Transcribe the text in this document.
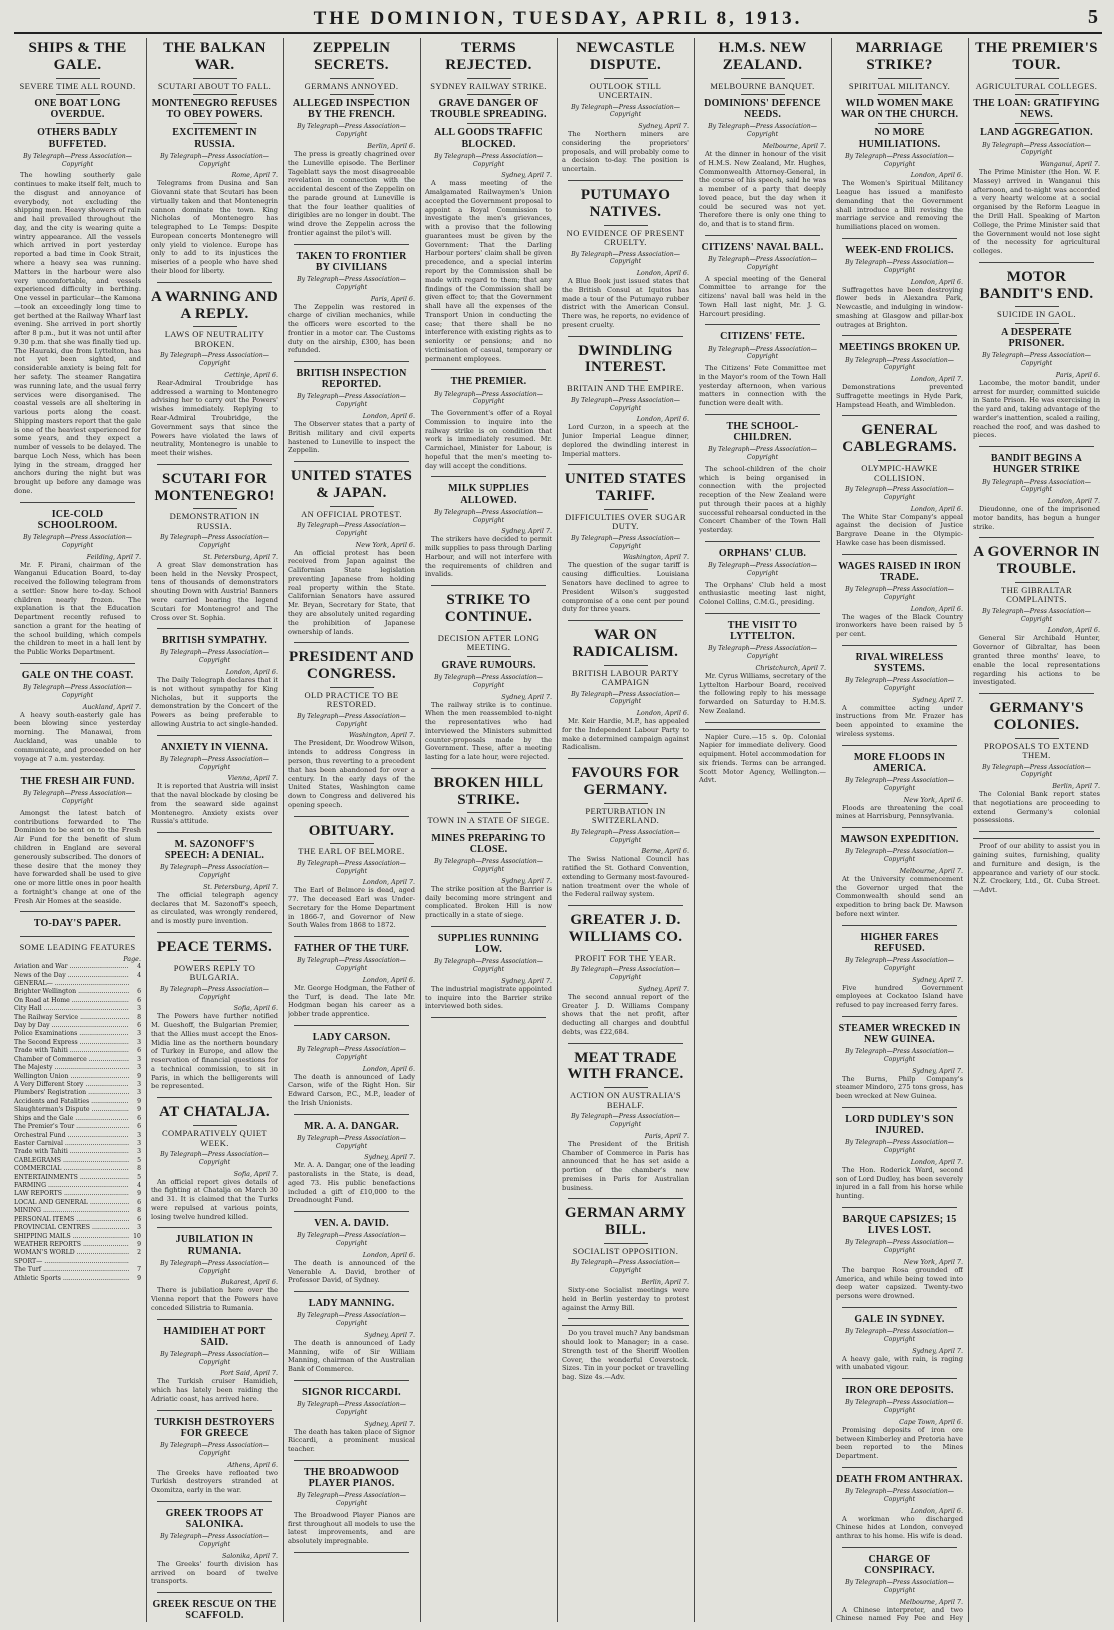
THE DOMINION, TUESDAY, APRIL 8, 1913.	5
SHIPS & THE GALE.
SEVERE TIME ALL ROUND.
ONE BOAT LONG OVERDUE.
OTHERS BADLY BUFFETED.
By Telegraph—Press Association—Copyright
The howling southerly gale continues to make itself felt, much to the disgust and annoyance of everybody, not excluding the shipping men. Heavy showers of rain and hail prevailed throughout the day, and the city is wearing quite a wintry appearance. All the vessels which arrived in port yesterday reported a bad time in Cook Strait, where a heavy sea was running. Matters in the harbour were also very uncomfortable, and vessels experienced difficulty in berthing. One vessel in particular—the Kamona—took an exceedingly long time to get berthed at the Railway Wharf last evening. She arrived in port shortly after 8 p.m., but it was not until after 9.30 p.m. that she was finally tied up. The Hauraki, due from Lyttelton, has not yet been sighted, and considerable anxiety is being felt for her safety. The steamer Rangatira was running late, and the usual ferry services were disorganised. The coastal vessels are all sheltering in various ports along the coast. Shipping masters report that the gale is one of the heaviest experienced for some years, and they expect a number of vessels to be delayed. The barque Loch Ness, which has been lying in the stream, dragged her anchors during the night but was brought up before any damage was done.
ICE-COLD SCHOOLROOM.
By Telegraph—Press Association—Copyright
Feilding, April 7.
Mr. F. Pirani, chairman of the Wanganui Education Board, to-day received the following telegram from a settler: Snow here to-day. School children nearly frozen. The explanation is that the Education Department recently refused to sanction a grant for the heating of the school building, which compels the children to meet in a hall lent by the Public Works Department.
GALE ON THE COAST.
By Telegraph—Press Association—Copyright
Auckland, April 7.
A heavy south-easterly gale has been blowing since yesterday morning. The Manawai, from Auckland, was unable to communicate, and proceeded on her voyage at 7 a.m. yesterday.
THE FRESH AIR FUND.
By Telegraph—Press Association—Copyright
Amongst the latest batch of contributions forwarded to The Dominion to be sent on to the Fresh Air Fund for the benefit of slum children in England are several generously subscribed. The donors of these desire that the money they have forwarded shall be used to give one or more little ones in poor health a fortnight's change at one of the Fresh Air Homes at the seaside.
TO-DAY'S PAPER.
SOME LEADING FEATURES
Page.
Aviation and War .....	4
News of the Day .....	4
GENERAL— .....
Brighter Wellington .....	6
On Road at Home .....	6
City Hall .....	3
The Railway Service .....	8
Day by Day .....	6
Police Examinations .....	3
The Second Express .....	3
Trade with Tahiti .....	6
Chamber of Commerce .....	3
The Majesty .....	3
Wellington Union .....	9
A Very Different Story .....	3
Plumbers' Registration .....	3
Accidents and Fatalities .....	9
Slaughterman's Dispute .....	9
Ships and the Gale .....	6
The Premier's Tour .....	6
Orchestral Fund .....	3
Easter Carnival .....	3
Trade with Tahiti .....	3
CABLEGRAMS .....	5
COMMERCIAL .....	8
ENTERTAINMENTS .....	5
FARMING .....	4
LAW REPORTS .....	9
LOCAL AND GENERAL .....	6
MINING .....	8
PERSONAL ITEMS .....	6
PROVINCIAL CENTRES .....	3
SHIPPING MAILS .....	10
WEATHER REPORTS .....	9
WOMAN'S WORLD .....	2
SPORT— .....
The Turf .....	7
Athletic Sports .....	9
THE BALKAN WAR.
SCUTARI ABOUT TO FALL.
MONTENEGRO REFUSES TO OBEY POWERS.
EXCITEMENT IN RUSSIA.
By Telegraph—Press Association—Copyright
Rome, April 7.
Telegrams from Dusina and San Giovanni state that Scutari has been virtually taken and that Montenegrin cannon dominate the town. King Nicholas of Montenegro has telegraphed to Le Temps: Despite European concerts Montenegro will only yield to violence. Europe has only to add to its injustices the miseries of a people who have shed their blood for liberty.
A WARNING AND A REPLY.
LAWS OF NEUTRALITY BROKEN.
By Telegraph—Press Association—Copyright
Cettinje, April 6.
Rear-Admiral Troubridge has addressed a warning to Montenegro advising her to carry out the Powers' wishes immediately. Replying to Rear-Admiral Troubridge, the Government says that since the Powers have violated the laws of neutrality, Montenegro is unable to meet their wishes.
SCUTARI FOR MONTENEGRO!
DEMONSTRATION IN RUSSIA.
By Telegraph—Press Association—Copyright
St. Petersburg, April 7.
A great Slav demonstration has been held in the Nevsky Prospect, tens of thousands of demonstrators shouting Down with Austria! Banners were carried bearing the legend Scutari for Montenegro! and The Cross over St. Sophia.
BRITISH SYMPATHY.
By Telegraph—Press Association—Copyright
London, April 6.
The Daily Telegraph declares that it is not without sympathy for King Nicholas, but it supports the demonstration by the Concert of the Powers as being preferable to allowing Austria to act single-handed.
ANXIETY IN VIENNA.
By Telegraph—Press Association—Copyright
Vienna, April 7.
It is reported that Austria will insist that the naval blockade by closing be from the seaward side against Montenegro. Anxiety exists over Russia's attitude.
M. SAZONOFF'S SPEECH: A DENIAL.
By Telegraph—Press Association—Copyright
St. Petersburg, April 7.
The official telegraph agency declares that M. Sazonoff's speech, as circulated, was wrongly rendered, and is mostly pure invention.
PEACE TERMS.
POWERS REPLY TO BULGARIA.
By Telegraph—Press Association—Copyright
Sofia, April 6.
The Powers have further notified M. Gueshoff, the Bulgarian Premier, that the Allies must accept the Enos-Midia line as the northern boundary of Turkey in Europe, and allow the reservation of financial questions for a technical commission, to sit in Paris, in which the belligerents will be represented.
AT CHATALJA.
COMPARATIVELY QUIET WEEK.
By Telegraph—Press Association—Copyright
Sofia, April 7.
An official report gives details of the fighting at Chatalja on March 30 and 31. It is claimed that the Turks were repulsed at various points, losing twelve hundred killed.
JUBILATION IN RUMANIA.
By Telegraph—Press Association—Copyright
Bukarest, April 6.
There is jubilation here over the Vienna report that the Powers have conceded Silistria to Rumania.
HAMIDIEH AT PORT SAID.
By Telegraph—Press Association—Copyright
Port Said, April 7.
The Turkish cruiser Hamidieh, which has lately been raiding the Adriatic coast, has arrived here.
TURKISH DESTROYERS FOR GREECE
By Telegraph—Press Association—Copyright
Athens, April 6.
The Greeks have refloated two Turkish destroyers stranded at Oxomitza, early in the war.
GREEK TROOPS AT SALONIKA.
By Telegraph—Press Association—Copyright
Salonika, April 7.
The Greeks' fourth division has arrived on board of twelve transports.
GREEK RESCUE ON THE SCAFFOLD.
ZEPPELIN SECRETS.
GERMANS ANNOYED.
ALLEGED INSPECTION BY THE FRENCH.
By Telegraph—Press Association—Copyright
Berlin, April 6.
The press is greatly chagrined over the Luneville episode. The Berliner Tageblatt says the most disagreeable revelation in connection with the accidental descent of the Zeppelin on the parade ground at Luneville is that the four leather qualities of dirigibles are no longer in doubt. The wind drove the Zeppelin across the frontier against the pilot's will.
TAKEN TO FRONTIER BY CIVILIANS
By Telegraph—Press Association—Copyright
Paris, April 6.
The Zeppelin was restored in charge of civilian mechanics, while the officers were escorted to the frontier in a motor car. The Customs duty on the airship, £300, has been refunded.
BRITISH INSPECTION REPORTED.
By Telegraph—Press Association—Copyright
London, April 6.
The Observer states that a party of British military and civil experts hastened to Luneville to inspect the Zeppelin.
UNITED STATES & JAPAN.
AN OFFICIAL PROTEST.
By Telegraph—Press Association—Copyright
New York, April 6.
An official protest has been received from Japan against the Californian State legislation preventing Japanese from holding real property within the State. Californian Senators have assured Mr. Bryan, Secretary for State, that they are absolutely united regarding the prohibition of Japanese ownership of lands.
PRESIDENT AND CONGRESS.
OLD PRACTICE TO BE RESTORED.
By Telegraph—Press Association—Copyright
Washington, April 7.
The President, Dr. Woodrow Wilson, intends to address Congress in person, thus reverting to a precedent that has been abandoned for over a century. In the early days of the United States, Washington came down to Congress and delivered his opening speech.
OBITUARY.
THE EARL OF BELMORE.
By Telegraph—Press Association—Copyright
London, April 7.
The Earl of Belmore is dead, aged 77. The deceased Earl was Under-Secretary for the Home Department in 1866-7, and Governor of New South Wales from 1868 to 1872.
FATHER OF THE TURF.
By Telegraph—Press Association—Copyright
London, April 6.
Mr. George Hodgman, the Father of the Turf, is dead. The late Mr. Hodgman began his career as a jobber trade apprentice.
LADY CARSON.
By Telegraph—Press Association—Copyright
London, April 6.
The death is announced of Lady Carson, wife of the Right Hon. Sir Edward Carson, P.C., M.P., leader of the Irish Unionists.
MR. A. A. DANGAR.
By Telegraph—Press Association—Copyright
Sydney, April 7.
Mr. A. A. Dangar, one of the leading pastoralists in the State, is dead, aged 73. His public benefactions included a gift of £10,000 to the Dreadnought Fund.
VEN. A. DAVID.
By Telegraph—Press Association—Copyright
London, April 6.
The death is announced of the Venerable A. David, brother of Professor David, of Sydney.
LADY MANNING.
By Telegraph—Press Association—Copyright
Sydney, April 7.
The death is announced of Lady Manning, wife of Sir William Manning, chairman of the Australian Bank of Commerce.
SIGNOR RICCARDI.
By Telegraph—Press Association—Copyright
Sydney, April 7.
The death has taken place of Signor Riccardi, a prominent musical teacher.
THE BROADWOOD PLAYER PIANOS.
By Telegraph—Press Association—Copyright
The Broadwood Player Pianos are first throughout all models to use the latest improvements, and are absolutely impregnable.
TERMS REJECTED.
SYDNEY RAILWAY STRIKE.
GRAVE DANGER OF TROUBLE SPREADING.
ALL GOODS TRAFFIC BLOCKED.
By Telegraph—Press Association—Copyright
Sydney, April 7.
A mass meeting of the Amalgamated Railwaymen's Union accepted the Government proposal to appoint a Royal Commission to investigate the men's grievances, with a proviso that the following guarantees must be given by the Government: That the Darling Harbour porters' claim shall be given precedence, and a special interim report by the Commission shall be made with regard to them; that any findings of the Commission shall be given effect to; that the Government shall have all the expenses of the Transport Union in conducting the case; that there shall be no interference with existing rights as to seniority or pensions; and no victimisation of casual, temporary or permanent employees.
THE PREMIER.
By Telegraph—Press Association—Copyright
The Government's offer of a Royal Commission to inquire into the railway strike is on condition that work is immediately resumed. Mr. Carmichael, Minister for Labour, is hopeful that the men's meeting to-day will accept the conditions.
MILK SUPPLIES ALLOWED.
By Telegraph—Press Association—Copyright
Sydney, April 7.
The strikers have decided to permit milk supplies to pass through Darling Harbour, and will not interfere with the requirements of children and invalids.
STRIKE TO CONTINUE.
DECISION AFTER LONG MEETING.
GRAVE RUMOURS.
By Telegraph—Press Association—Copyright
Sydney, April 7.
The railway strike is to continue. When the men reassembled to-night the representatives who had interviewed the Ministers submitted counter-proposals made by the Government. These, after a meeting lasting for a late hour, were rejected.
BROKEN HILL STRIKE.
TOWN IN A STATE OF SIEGE.
MINES PREPARING TO CLOSE.
By Telegraph—Press Association—Copyright
Sydney, April 7.
The strike position at the Barrier is daily becoming more stringent and complicated. Broken Hill is now practically in a state of siege.
SUPPLIES RUNNING LOW.
By Telegraph—Press Association—Copyright
Sydney, April 7.
The industrial magistrate appointed to inquire into the Barrier strike interviewed both sides.
NEWCASTLE DISPUTE.
OUTLOOK STILL UNCERTAIN.
By Telegraph—Press Association—Copyright
Sydney, April 7.
The Northern miners are considering the proprietors' proposals, and will probably come to a decision to-day. The position is uncertain.
PUTUMAYO NATIVES.
NO EVIDENCE OF PRESENT CRUELTY.
By Telegraph—Press Association—Copyright
London, April 6.
A Blue Book just issued states that the British Consul at Iquitos has made a tour of the Putumayo rubber district with the American Consul. There was, he reports, no evidence of present cruelty.
DWINDLING INTEREST.
BRITAIN AND THE EMPIRE.
By Telegraph—Press Association—Copyright
London, April 6.
Lord Curzon, in a speech at the Junior Imperial League dinner, deplored the dwindling interest in Imperial matters.
UNITED STATES TARIFF.
DIFFICULTIES OVER SUGAR DUTY.
By Telegraph—Press Association—Copyright
Washington, April 7.
The question of the sugar tariff is causing difficulties. Louisiana Senators have declined to agree to President Wilson's suggested compromise of a one cent per pound duty for three years.
WAR ON RADICALISM.
BRITISH LABOUR PARTY CAMPAIGN
By Telegraph—Press Association—Copyright
London, April 6.
Mr. Keir Hardie, M.P., has appealed for the Independent Labour Party to make a determined campaign against Radicalism.
FAVOURS FOR GERMANY.
PERTURBATION IN SWITZERLAND.
By Telegraph—Press Association—Copyright
Berne, April 6.
The Swiss National Council has ratified the St. Gothard Convention, extending to Germany most-favoured-nation treatment over the whole of the Federal railway system.
GREATER J. D. WILLIAMS CO.
PROFIT FOR THE YEAR.
By Telegraph—Press Association—Copyright
Sydney, April 7.
The second annual report of the Greater J. D. Williams Company shows that the net profit, after deducting all charges and doubtful debts, was £22,684.
MEAT TRADE WITH FRANCE.
ACTION ON AUSTRALIA'S BEHALF.
By Telegraph—Press Association—Copyright
Paris, April 7.
The President of the British Chamber of Commerce in Paris has announced that he has set aside a portion of the chamber's new premises in Paris for Australian business.
GERMAN ARMY BILL.
SOCIALIST OPPOSITION.
By Telegraph—Press Association—Copyright
Berlin, April 7.
Sixty-one Socialist meetings were held in Berlin yesterday to protest against the Army Bill.
Do you travel much? Any bandsman should look to Manager; in a case. Strength test of the Sheriff Woollen Cover, the wonderful Coverstock. Sizes. Tin in your pocket or travelling bag. Size 4s.—Adv.
H.M.S. NEW ZEALAND.
MELBOURNE BANQUET.
DOMINIONS' DEFENCE NEEDS.
By Telegraph—Press Association—Copyright
Melbourne, April 7.
At the dinner in honour of the visit of H.M.S. New Zealand, Mr. Hughes, Commonwealth Attorney-General, in the course of his speech, said he was a member of a party that deeply loved peace, but the day when it could be secured was not yet. Therefore there is only one thing to do, and that is to stand firm.
CITIZENS' NAVAL BALL.
By Telegraph—Press Association—Copyright
A special meeting of the General Committee to arrange for the citizens' naval ball was held in the Town Hall last night, Mr. J. G. Harcourt presiding.
CITIZENS' FETE.
By Telegraph—Press Association—Copyright
The Citizens' Fete Committee met in the Mayor's room of the Town Hall yesterday afternoon, when various matters in connection with the function were dealt with.
THE SCHOOL-CHILDREN.
By Telegraph—Press Association—Copyright
The school-children of the choir which is being organised in connection with the projected reception of the New Zealand were put through their paces at a highly successful rehearsal conducted in the Concert Chamber of the Town Hall yesterday.
ORPHANS' CLUB.
By Telegraph—Press Association—Copyright
The Orphans' Club held a most enthusiastic meeting last night, Colonel Collins, C.M.G., presiding.
THE VISIT TO LYTTELTON.
By Telegraph—Press Association—Copyright
Christchurch, April 7.
Mr. Cyrus Williams, secretary of the Lyttelton Harbour Board, received the following reply to his message forwarded on Saturday to H.M.S. New Zealand.
Napier Cure.—15 s. 0p. Colonial Napier for immediate delivery. Good equipment. Hotel accommodation for six friends. Terms can be arranged. Scott Motor Agency, Wellington.—Advt.
MARRIAGE STRIKE?
SPIRITUAL MILITANCY.
WILD WOMEN MAKE WAR ON THE CHURCH.
NO MORE HUMILIATIONS.
By Telegraph—Press Association—Copyright
London, April 6.
The Women's Spiritual Militancy League has issued a manifesto demanding that the Government shall introduce a Bill revising the marriage service and removing the humiliations placed on women.
WEEK-END FROLICS.
By Telegraph—Press Association—Copyright
London, April 6.
Suffragettes have been destroying flower beds in Alexandra Park, Newcastle, and indulging in window-smashing at Glasgow and pillar-box outrages at Brighton.
MEETINGS BROKEN UP.
By Telegraph—Press Association—Copyright
London, April 7.
Demonstrations prevented Suffragette meetings in Hyde Park, Hampstead Heath, and Wimbledon.
GENERAL CABLEGRAMS.
OLYMPIC-HAWKE COLLISION.
By Telegraph—Press Association—Copyright
London, April 6.
The White Star Company's appeal against the decision of Justice Bargrave Deane in the Olympic-Hawke case has been dismissed.
WAGES RAISED IN IRON TRADE.
By Telegraph—Press Association—Copyright
London, April 6.
The wages of the Black Country ironworkers have been raised by 5 per cent.
RIVAL WIRELESS SYSTEMS.
By Telegraph—Press Association—Copyright
Sydney, April 7.
A committee acting under instructions from Mr. Frazer has been appointed to examine the wireless systems.
MORE FLOODS IN AMERICA.
By Telegraph—Press Association—Copyright
New York, April 6.
Floods are threatening the coal mines at Harrisburg, Pennsylvania.
MAWSON EXPEDITION.
By Telegraph—Press Association—Copyright
Melbourne, April 7.
At the University commencement the Governor urged that the Commonwealth should send an expedition to bring back Dr. Mawson before next winter.
HIGHER FARES REFUSED.
By Telegraph—Press Association—Copyright
Sydney, April 7.
Five hundred Government employees at Cockatoo Island have refused to pay increased ferry fares.
STEAMER WRECKED IN NEW GUINEA.
By Telegraph—Press Association—Copyright
Sydney, April 7.
The Burns, Philp Company's steamer Mindoro, 275 tons gross, has been wrecked at New Guinea.
LORD DUDLEY'S SON INJURED.
By Telegraph—Press Association—Copyright
London, April 7.
The Hon. Roderick Ward, second son of Lord Dudley, has been severely injured in a fall from his horse while hunting.
BARQUE CAPSIZES; 15 LIVES LOST.
By Telegraph—Press Association—Copyright
New York, April 7.
The barque Rosa grounded off America, and while being towed into deep water capsized. Twenty-two persons were drowned.
GALE IN SYDNEY.
By Telegraph—Press Association—Copyright
Sydney, April 7.
A heavy gale, with rain, is raging with unabated vigour.
IRON ORE DEPOSITS.
By Telegraph—Press Association—Copyright
Cape Town, April 6.
Promising deposits of iron ore between Kimberley and Pretoria have been reported to the Mines Department.
DEATH FROM ANTHRAX.
By Telegraph—Press Association—Copyright
London, April 6.
A workman who discharged Chinese hides at London, conveyed anthrax to his home. His wife is dead.
CHARGE OF CONSPIRACY.
By Telegraph—Press Association—Copyright
Melbourne, April 7.
A Chinese interpreter, and two Chinese named Fey Pee and Hey
THE PREMIER'S TOUR.
AGRICULTURAL COLLEGES.
THE LOAN: GRATIFYING NEWS.
LAND AGGREGATION.
By Telegraph—Press Association—Copyright
Wanganui, April 7.
The Prime Minister (the Hon. W. F. Massey) arrived in Wanganui this afternoon, and to-night was accorded a very hearty welcome at a social organised by the Reform League in the Drill Hall. Speaking of Marton College, the Prime Minister said that the Government would not lose sight of the necessity for agricultural colleges.
MOTOR BANDIT'S END.
SUICIDE IN GAOL.
A DESPERATE PRISONER.
By Telegraph—Press Association—Copyright
Paris, April 6.
Lacombe, the motor bandit, under arrest for murder, committed suicide in Sante Prison. He was exercising in the yard and, taking advantage of the warder's inattention, scaled a railing, reached the roof, and was dashed to pieces.
BANDIT BEGINS A HUNGER STRIKE
By Telegraph—Press Association—Copyright
London, April 7.
Dieudonne, one of the imprisoned motor bandits, has begun a hunger strike.
A GOVERNOR IN TROUBLE.
THE GIBRALTAR COMPLAINTS.
By Telegraph—Press Association—Copyright
London, April 6.
General Sir Archibald Hunter, Governor of Gibraltar, has been granted three months' leave, to enable the local representations regarding his actions to be investigated.
GERMANY'S COLONIES.
PROPOSALS TO EXTEND THEM.
By Telegraph—Press Association—Copyright
Berlin, April 7.
The Colonial Bank report states that negotiations are proceeding to extend Germany's colonial possessions.
Proof of our ability to assist you in gaining suites, furnishing, quality and furniture and design, is the appearance and variety of our stock. N.Z. Crockery, Ltd., Gt. Cuba Street.—Advt.
